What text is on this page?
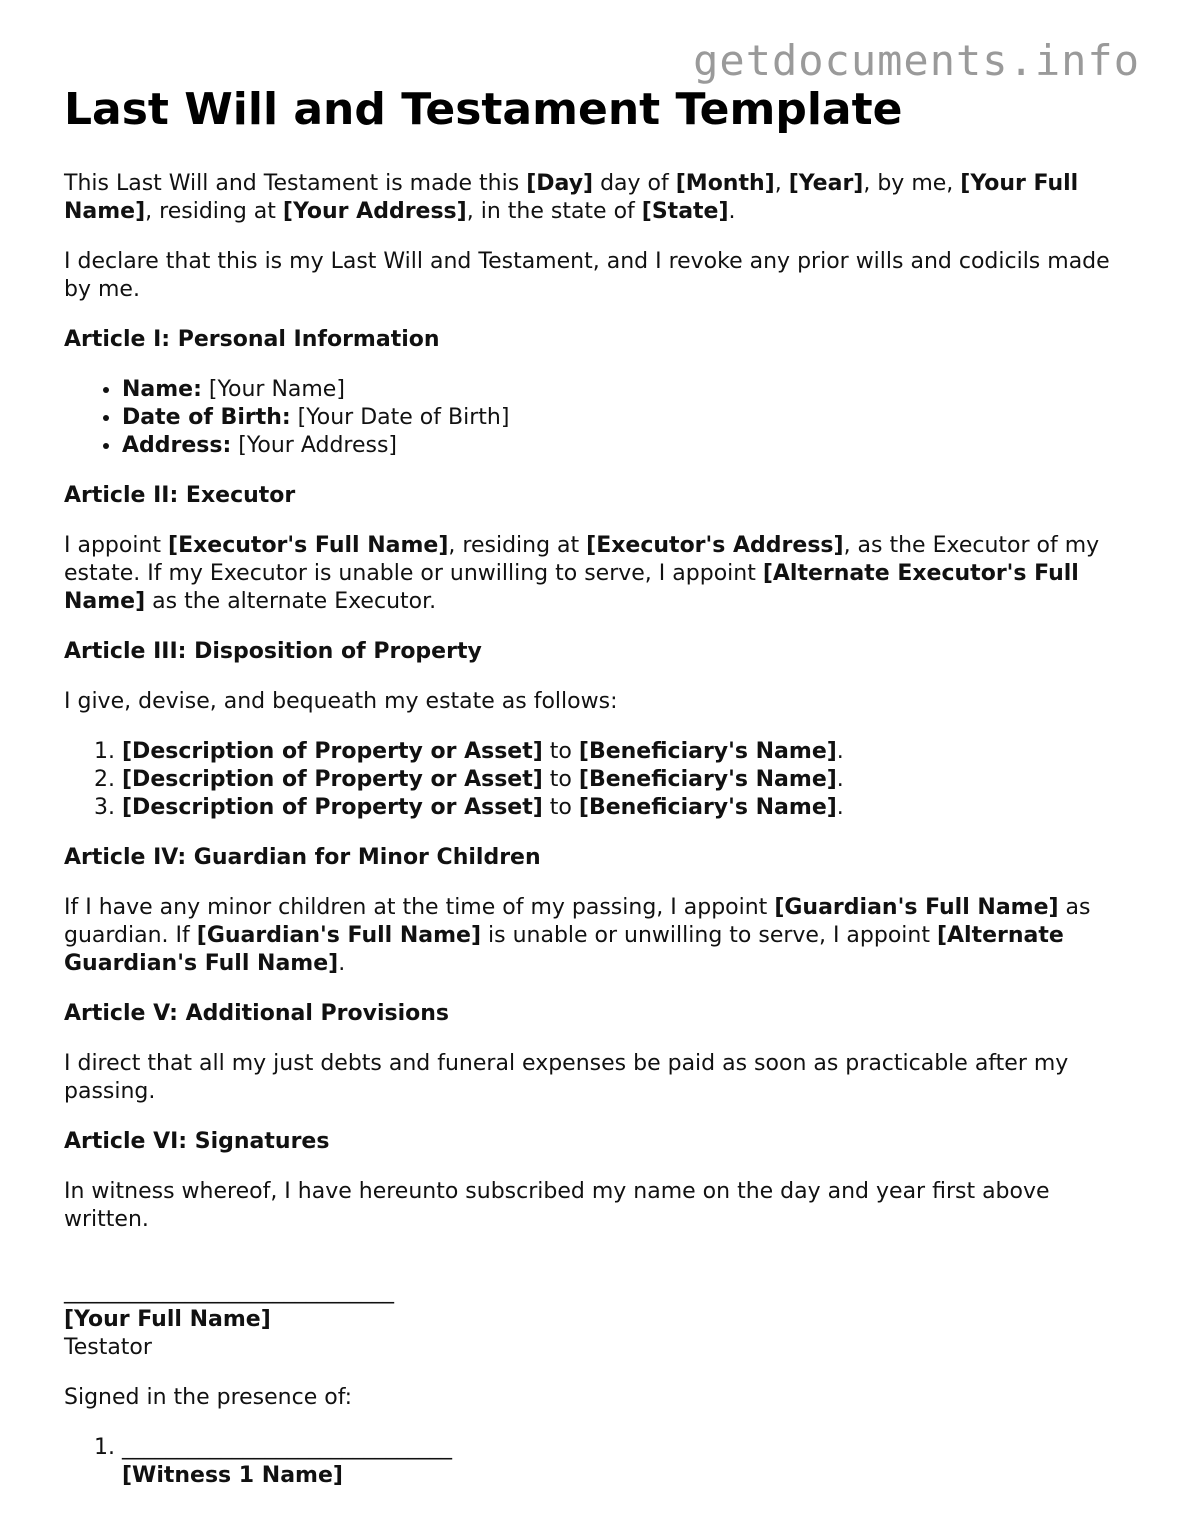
getdocuments.info
Last Will and Testament Template

This Last Will and Testament is made this [Day] day of [Month], [Year], by me, [Your Full Name], residing at [Your Address], in the state of [State].

I declare that this is my Last Will and Testament, and I revoke any prior wills and codicils made by me.

Article I: Personal Information
• Name: [Your Name]
• Date of Birth: [Your Date of Birth]
• Address: [Your Address]
Article II: Executor

I appoint [Executor's Full Name], residing at [Executor's Address], as the Executor of my estate. If my Executor is unable or unwilling to serve, I appoint [Alternate Executor's Full Name] as the alternate Executor.

Article III: Disposition of Property

I give, devise, and bequeath my estate as follows:

1. [Description of Property or Asset] to [Beneficiary's Name].
2. [Description of Property or Asset] to [Beneficiary's Name].
3. [Description of Property or Asset] to [Beneficiary's Name].
Article IV: Guardian for Minor Children

If I have any minor children at the time of my passing, I appoint [Guardian's Full Name] as guardian. If [Guardian's Full Name] is unable or unwilling to serve, I appoint [Alternate Guardian's Full Name].

Article V: Additional Provisions

I direct that all my just debts and funeral expenses be paid as soon as practicable after my passing.

Article VI: Signatures

In witness whereof, I have hereunto subscribed my name on the day and year first above written.

______________________________
[Your Full Name]
Testator

Signed in the presence of:

1. ______________________________
[Witness 1 Name]
